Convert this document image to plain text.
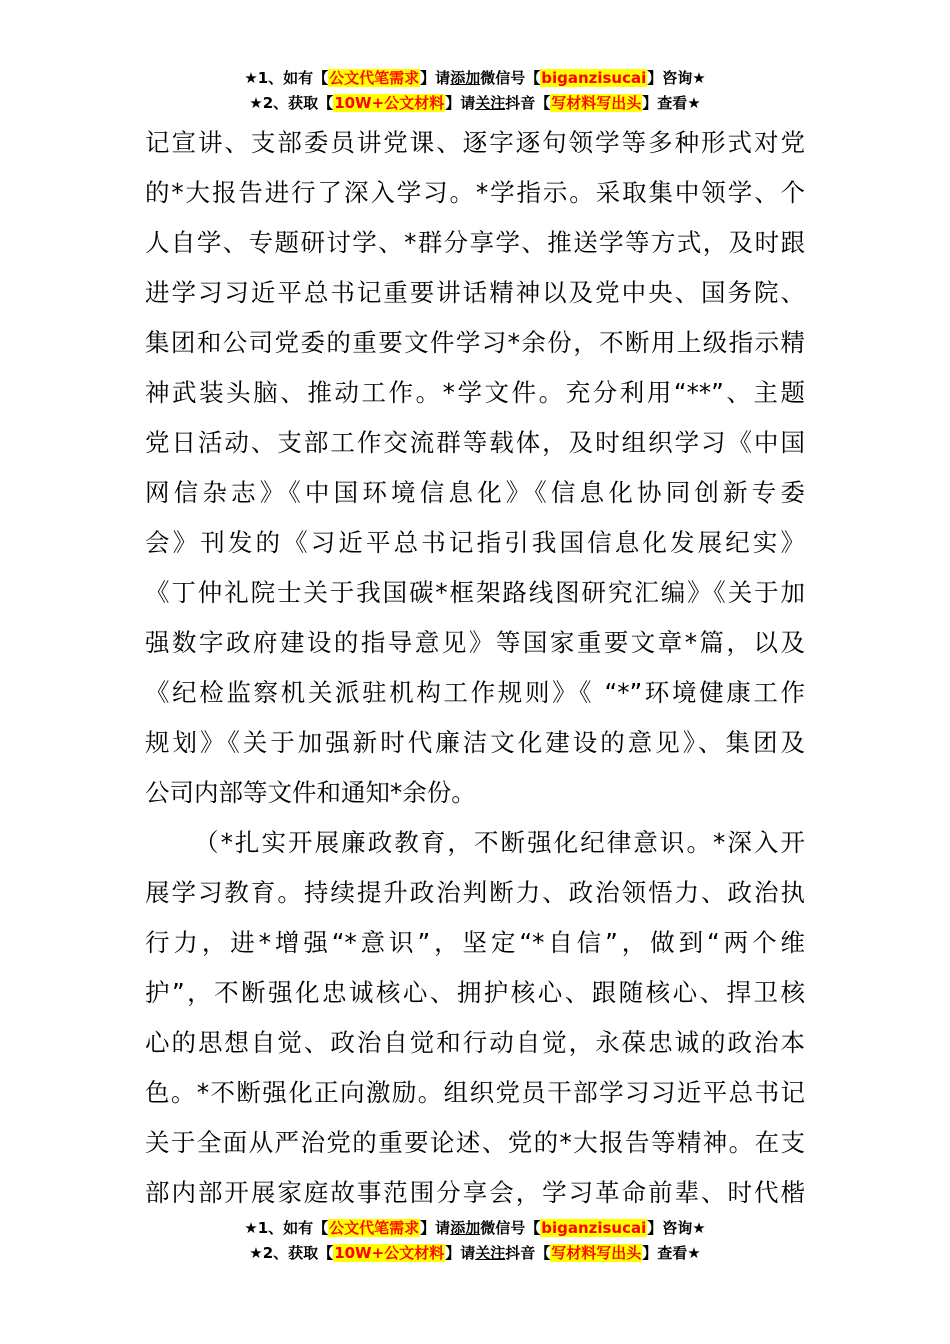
★1、如有【公文代笔需求】请添加微信号【biganzisucai】咨询★
★2、获取【10W+公文材料】请关注抖音【写材料写出头】查看★
记宣讲、支部委员讲党课、逐字逐句领学等多种形式对党
的*大报告进行了深入学习。*学指示。采取集中领学、个
人自学、专题研讨学、*群分享学、推送学等方式，及时跟
进学习习近平总书记重要讲话精神以及党中央、国务院、
集团和公司党委的重要文件学习*余份，不断用上级指示精
神武装头脑、推动工作。*学文件。充分利用“**”、主题
党日活动、支部工作交流群等载体，及时组织学习《中国
网信杂志》《中国环境信息化》《信息化协同创新专委
会》刊发的《习近平总书记指引我国信息化发展纪实》
《丁仲礼院士关于我国碳*框架路线图研究汇编》《关于加
强数字政府建设的指导意见》等国家重要文章*篇，以及
《纪检监察机关派驻机构工作规则》《 “*”环境健康工作
规划》《关于加强新时代廉洁文化建设的意见》、集团及
公司内部等文件和通知*余份。
（*扎实开展廉政教育，不断强化纪律意识。*深入开
展学习教育。持续提升政治判断力、政治领悟力、政治执
行力，进*增强“*意识”，坚定“*自信”，做到“两个维
护”，不断强化忠诚核心、拥护核心、跟随核心、捍卫核
心的思想自觉、政治自觉和行动自觉，永葆忠诚的政治本
色。*不断强化正向激励。组织党员干部学习习近平总书记
关于全面从严治党的重要论述、党的*大报告等精神。在支
部内部开展家庭故事范围分享会，学习革命前辈、时代楷
★1、如有【公文代笔需求】请添加微信号【biganzisucai】咨询★
★2、获取【10W+公文材料】请关注抖音【写材料写出头】查看★
